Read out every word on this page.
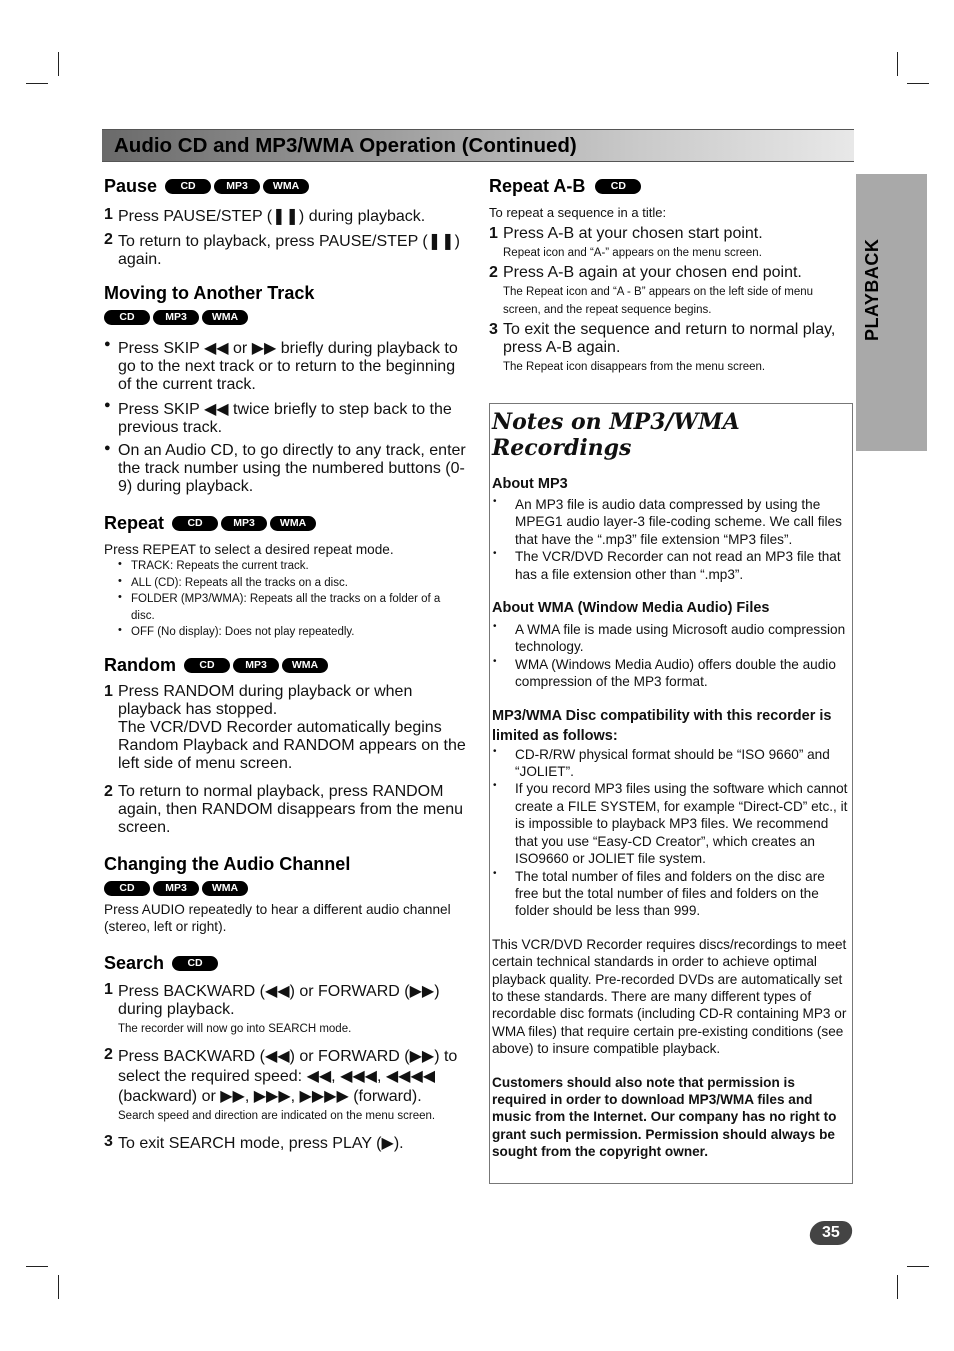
Audio CD and MP3/WMA Operation (Continued)
PLAYBACK
Pause	CD	MP3	WMA
1 Press PAUSE/STEP (❚❚) during playback.
2 To return to playback, press PAUSE/STEP (❚❚) again.
Moving to Another Track
CD	MP3	WMA
● Press SKIP ◀◀ or ▶▶ briefly during playback to go to the next track or to return to the beginning of the current track.
● Press SKIP ◀◀ twice briefly to step back to the previous track.
● On an Audio CD, to go directly to any track, enter the track number using the numbered buttons (0-9) during playback.
Repeat	CD	MP3	WMA

Press REPEAT to select a desired repeat mode.

• TRACK: Repeats the current track.
• ALL (CD): Repeats all the tracks on a disc.
• FOLDER (MP3/WMA): Repeats all the tracks on a folder of a disc.
• OFF (No display): Does not play repeatedly.
Random	CD	MP3	WMA
1 Press RANDOM during playback or when playback has stopped.
The VCR/DVD Recorder automatically begins Random Playback and RANDOM appears on the left side of menu screen.
2 To return to normal playback, press RANDOM again, then RANDOM disappears from the menu screen.
Changing the Audio Channel
CD	MP3	WMA

Press AUDIO repeatedly to hear a different audio channel (stereo, left or right).

Search	CD
1 Press BACKWARD (◀◀) or FORWARD (▶▶) during playback.
The recorder will now go into SEARCH mode.
2 Press BACKWARD (◀◀) or FORWARD (▶▶) to select the required speed: ◀◀, ◀◀◀, ◀◀◀◀ (backward) or ▶▶, ▶▶▶, ▶▶▶▶ (forward).
Search speed and direction are indicated on the menu screen.
3 To exit SEARCH mode, press PLAY (▶).
Repeat A-B	CD

To repeat a sequence in a title:

1 Press A-B at your chosen start point.
Repeat icon and “A-” appears on the menu screen.
2 Press A-B again at your chosen end point.
The Repeat icon and “A - B” appears on the left side of menu screen, and the repeat sequence begins.
3 To exit the sequence and return to normal play, press A-B again.
The Repeat icon disappears from the menu screen.
Notes on MP3/WMA Recordings
About MP3
•	An MP3 file is audio data compressed by using the MPEG1 audio layer-3 file-coding scheme. We call files that have the “.mp3” file extension “MP3 files”.
•	The VCR/DVD Recorder can not read an MP3 file that has a file extension other than “.mp3”.
About WMA (Window Media Audio) Files
•	A WMA file is made using Microsoft audio compression technology.
•	WMA (Windows Media Audio) offers double the audio compression of the MP3 format.
MP3/WMA Disc compatibility with this recorder is limited as follows:
•	CD-R/RW physical format should be “ISO 9660” and “JOLIET”.
•	If you record MP3 files using the software which cannot create a FILE SYSTEM, for example “Direct-CD” etc., it is impossible to playback MP3 files. We recommend that you use “Easy-CD Creator”, which creates an ISO9660 or JOLIET file system.
•	The total number of files and folders on the disc are free but the total number of files and folders on the folder should be less than 999.

This VCR/DVD Recorder requires discs/recordings to meet certain technical standards in order to achieve optimal playback quality. Pre-recorded DVDs are automatically set to these standards. There are many different types of recordable disc formats (including CD-R containing MP3 or WMA files) that require certain pre-existing conditions (see above) to insure compatible playback.

Customers should also note that permission is required in order to download MP3/WMA files and music from the Internet. Our company has no right to grant such permission. Permission should always be sought from the copyright owner.

35
